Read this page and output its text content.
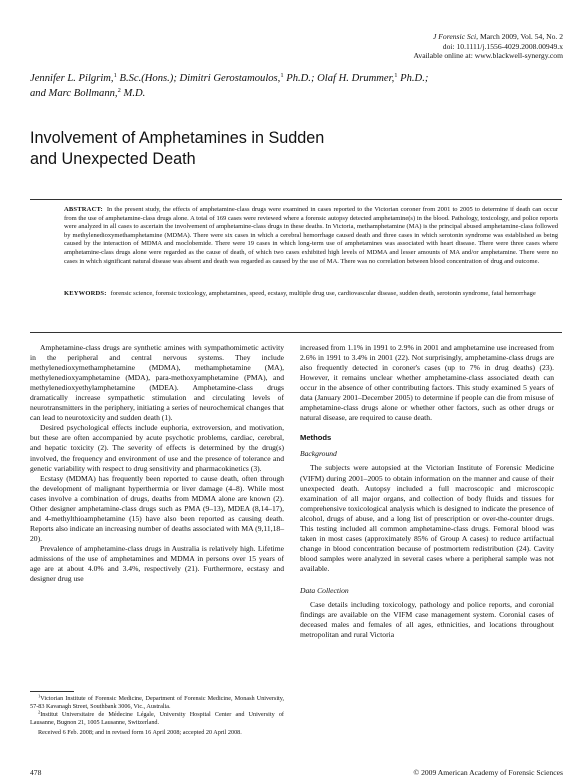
J Forensic Sci, March 2009, Vol. 54, No. 2
doi: 10.1111/j.1556-4029.2008.00949.x
Available online at: www.blackwell-synergy.com
Jennifer L. Pilgrim,$^1$ B.Sc.(Hons.); Dimitri Gerostamoulos,$^1$ Ph.D.; Olaf H. Drummer,$^1$ Ph.D.;
and Marc Bollmann,$^2$ M.D.
Involvement of Amphetamines in Sudden
and Unexpected Death
ABSTRACT: In the present study, the effects of amphetamine-class drugs were examined in cases reported to the Victorian coroner from 2001 to 2005 to determine if death can occur from the use of amphetamine-class drugs alone. A total of 169 cases were reviewed where a forensic autopsy detected amphetamine(s) in the blood. Pathology, toxicology, and police reports were analyzed in all cases to ascertain the involvement of amphetamine-class drugs in these deaths. In Victoria, methamphetamine (MA) is the principal abused amphetamine-class followed by methylenedioxymethamphetamine (MDMA). There were six cases in which a cerebral hemorrhage caused death and three cases in which serotonin syndrome was established as being caused by the interaction of MDMA and moclobemide. There were 19 cases in which long-term use of amphetamines was associated with heart disease. There were three cases where amphetamine-class drugs alone were regarded as the cause of death, of which two cases exhibited high levels of MDMA and lesser amounts of MA and/or amphetamine. There were no cases in which significant natural disease was absent and death was regarded as caused by the use of MA. There was no correlation between blood concentration of drug and outcome.
KEYWORDS: forensic science, forensic toxicology, amphetamines, speed, ecstasy, multiple drug use, cardiovascular disease, sudden death, serotonin syndrome, fatal hemorrhage

Amphetamine-class drugs are synthetic amines with sympathomimetic activity in the peripheral and central nervous systems. They include methylenedioxymethamphetamine (MDMA), methamphetamine (MA), methylenedioxyamphetamine (MDA), para-methoxyamphetamine (PMA), and methylenedioxyethylamphetamine (MDEA). Amphetamine-class drugs dramatically increase sympathetic stimulation and circulating levels of neurotransmitters in the periphery, initiating a series of neurochemical changes that can lead to neurotoxicity and sudden death (1).

Desired psychological effects include euphoria, extroversion, and motivation, but these are often accompanied by acute psychotic problems, cardiac, cerebral, and hepatic toxicity (2). The severity of effects is determined by the drug(s) involved, the frequency and environment of use and the presence of tolerance and genetic variability with respect to drug sensitivity and pharmacokinetics (3).

Ecstasy (MDMA) has frequently been reported to cause death, often through the development of malignant hyperthermia or liver damage (4–8). While most cases involve a combination of drugs, deaths from MDMA alone are known (2). Other designer amphetamine-class drugs such as PMA (9–13), MDEA (8,14–17), and 4-methylthioamphetamine (15) have also been reported as causing death. Reports also indicate an increasing number of deaths associated with MA (9,11,18–20).

Prevalence of amphetamine-class drugs in Australia is relatively high. Lifetime admissions of the use of amphetamines and MDMA in persons over 15 years of age are at about 4.0% and 3.4%, respectively (21). Furthermore, ecstasy and designer drug use

$^1$Victorian Institute of Forensic Medicine, Department of Forensic Medicine, Monash University, 57-83 Kavanagh Street, Southbank 3006, Vic., Australia.

$^2$Institut Universitaire de Médecine Légale, University Hospital Center and University of Lausanne, Bugnon 21, 1005 Lausanne, Switzerland.

Received 6 Feb. 2008; and in revised form 16 April 2008; accepted 20 April 2008.

increased from 1.1% in 1991 to 2.9% in 2001 and amphetamine use increased from 2.6% in 1991 to 3.4% in 2001 (22). Not surprisingly, amphetamine-class drugs are also frequently detected in coroner's cases (up to 7% in drug deaths) (23). However, it remains unclear whether amphetamine-class associated death can occur in the absence of other contributing factors. This study examined 5 years of data (January 2001–December 2005) to determine if people can die from misuse of amphetamine-class drugs alone or whether other factors, such as other drugs or natural disease, are required to cause death.

Methods
Background

The subjects were autopsied at the Victorian Institute of Forensic Medicine (VIFM) during 2001–2005 to obtain information on the manner and cause of their unexpected death. Autopsy included a full macroscopic and microscopic examination of all major organs, and collection of body fluids and tissues for comprehensive toxicological analysis which is designed to indicate the presence of alcohol, drugs of abuse, and a long list of prescription or over-the-counter drugs. This testing included all common amphetamine-class drugs. Femoral blood was taken in most cases (approximately 85% of Group A cases) to reduce artifactual change in blood concentration because of postmortem redistribution (24). Cavity blood samples were analyzed in several cases where a peripheral sample was not available.

Data Collection

Case details including toxicology, pathology and police reports, and coronial findings are available on the VIFM case management system. Coronial cases of deceased males and females of all ages, ethnicities, and locations throughout metropolitan and rural Victoria

478	© 2009 American Academy of Forensic Sciences
